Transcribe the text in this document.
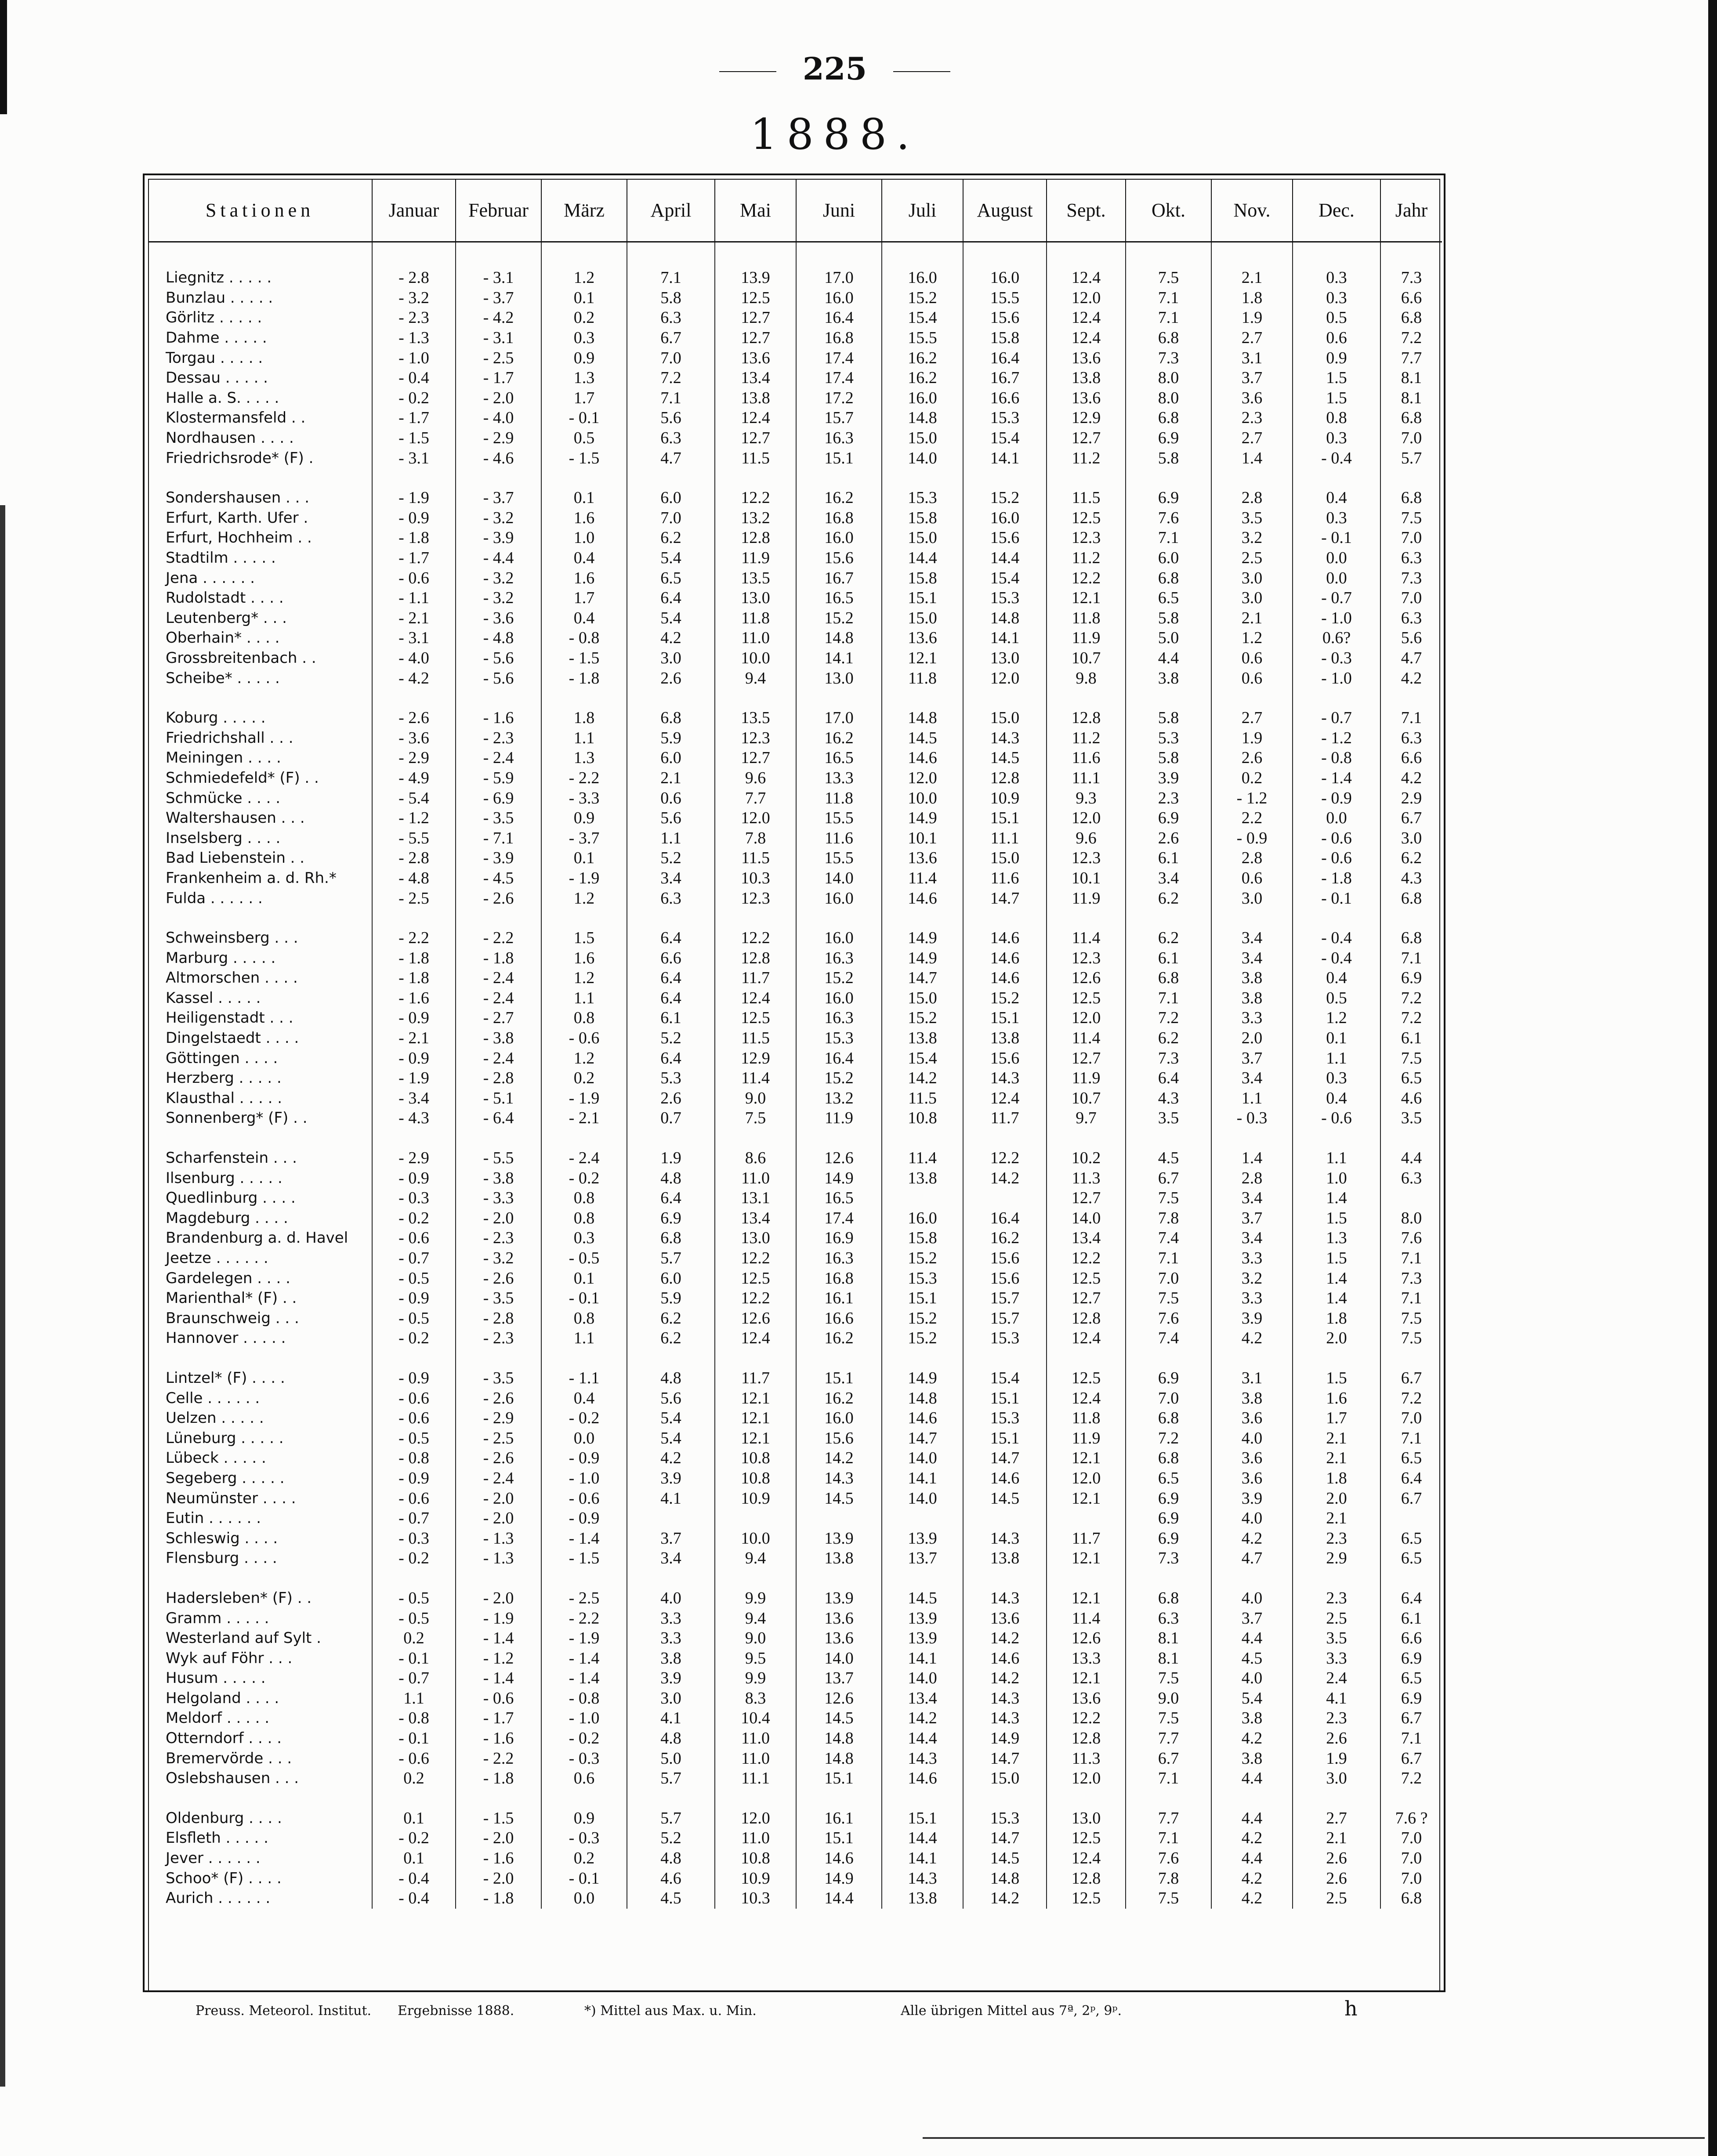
225
1888.
Stationen	Januar	Februar	März	April	Mai	Juni	Juli	August	Sept.	Okt.	Nov.	Dec.	Jahr
Liegnitz . . . . .	- 2.8	- 3.1	1.2	7.1	13.9	17.0	16.0	16.0	12.4	7.5	2.1	0.3	7.3
Bunzlau . . . . .	- 3.2	- 3.7	0.1	5.8	12.5	16.0	15.2	15.5	12.0	7.1	1.8	0.3	6.6
Görlitz . . . . .	- 2.3	- 4.2	0.2	6.3	12.7	16.4	15.4	15.6	12.4	7.1	1.9	0.5	6.8
Dahme . . . . .	- 1.3	- 3.1	0.3	6.7	12.7	16.8	15.5	15.8	12.4	6.8	2.7	0.6	7.2
Torgau . . . . .	- 1.0	- 2.5	0.9	7.0	13.6	17.4	16.2	16.4	13.6	7.3	3.1	0.9	7.7
Dessau . . . . .	- 0.4	- 1.7	1.3	7.2	13.4	17.4	16.2	16.7	13.8	8.0	3.7	1.5	8.1
Halle a. S. . . . .	- 0.2	- 2.0	1.7	7.1	13.8	17.2	16.0	16.6	13.6	8.0	3.6	1.5	8.1
Klostermansfeld . .	- 1.7	- 4.0	- 0.1	5.6	12.4	15.7	14.8	15.3	12.9	6.8	2.3	0.8	6.8
Nordhausen . . . .	- 1.5	- 2.9	0.5	6.3	12.7	16.3	15.0	15.4	12.7	6.9	2.7	0.3	7.0
Friedrichsrode* (F) .	- 3.1	- 4.6	- 1.5	4.7	11.5	15.1	14.0	14.1	11.2	5.8	1.4	- 0.4	5.7

Sondershausen . . .	- 1.9	- 3.7	0.1	6.0	12.2	16.2	15.3	15.2	11.5	6.9	2.8	0.4	6.8
Erfurt, Karth. Ufer .	- 0.9	- 3.2	1.6	7.0	13.2	16.8	15.8	16.0	12.5	7.6	3.5	0.3	7.5
Erfurt, Hochheim . .	- 1.8	- 3.9	1.0	6.2	12.8	16.0	15.0	15.6	12.3	7.1	3.2	- 0.1	7.0
Stadtilm . . . . .	- 1.7	- 4.4	0.4	5.4	11.9	15.6	14.4	14.4	11.2	6.0	2.5	0.0	6.3
Jena . . . . . .	- 0.6	- 3.2	1.6	6.5	13.5	16.7	15.8	15.4	12.2	6.8	3.0	0.0	7.3
Rudolstadt . . . .	- 1.1	- 3.2	1.7	6.4	13.0	16.5	15.1	15.3	12.1	6.5	3.0	- 0.7	7.0
Leutenberg* . . .	- 2.1	- 3.6	0.4	5.4	11.8	15.2	15.0	14.8	11.8	5.8	2.1	- 1.0	6.3
Oberhain* . . . .	- 3.1	- 4.8	- 0.8	4.2	11.0	14.8	13.6	14.1	11.9	5.0	1.2	0.6?	5.6
Grossbreitenbach . .	- 4.0	- 5.6	- 1.5	3.0	10.0	14.1	12.1	13.0	10.7	4.4	0.6	- 0.3	4.7
Scheibe* . . . . .	- 4.2	- 5.6	- 1.8	2.6	9.4	13.0	11.8	12.0	9.8	3.8	0.6	- 1.0	4.2

Koburg . . . . .	- 2.6	- 1.6	1.8	6.8	13.5	17.0	14.8	15.0	12.8	5.8	2.7	- 0.7	7.1
Friedrichshall . . .	- 3.6	- 2.3	1.1	5.9	12.3	16.2	14.5	14.3	11.2	5.3	1.9	- 1.2	6.3
Meiningen . . . .	- 2.9	- 2.4	1.3	6.0	12.7	16.5	14.6	14.5	11.6	5.8	2.6	- 0.8	6.6
Schmiedefeld* (F) . .	- 4.9	- 5.9	- 2.2	2.1	9.6	13.3	12.0	12.8	11.1	3.9	0.2	- 1.4	4.2
Schmücke . . . .	- 5.4	- 6.9	- 3.3	0.6	7.7	11.8	10.0	10.9	9.3	2.3	- 1.2	- 0.9	2.9
Waltershausen . . .	- 1.2	- 3.5	0.9	5.6	12.0	15.5	14.9	15.1	12.0	6.9	2.2	0.0	6.7
Inselsberg . . . .	- 5.5	- 7.1	- 3.7	1.1	7.8	11.6	10.1	11.1	9.6	2.6	- 0.9	- 0.6	3.0
Bad Liebenstein . .	- 2.8	- 3.9	0.1	5.2	11.5	15.5	13.6	15.0	12.3	6.1	2.8	- 0.6	6.2
Frankenheim a. d. Rh.*	- 4.8	- 4.5	- 1.9	3.4	10.3	14.0	11.4	11.6	10.1	3.4	0.6	- 1.8	4.3
Fulda . . . . . .	- 2.5	- 2.6	1.2	6.3	12.3	16.0	14.6	14.7	11.9	6.2	3.0	- 0.1	6.8

Schweinsberg . . .	- 2.2	- 2.2	1.5	6.4	12.2	16.0	14.9	14.6	11.4	6.2	3.4	- 0.4	6.8
Marburg . . . . .	- 1.8	- 1.8	1.6	6.6	12.8	16.3	14.9	14.6	12.3	6.1	3.4	- 0.4	7.1
Altmorschen . . . .	- 1.8	- 2.4	1.2	6.4	11.7	15.2	14.7	14.6	12.6	6.8	3.8	0.4	6.9
Kassel . . . . .	- 1.6	- 2.4	1.1	6.4	12.4	16.0	15.0	15.2	12.5	7.1	3.8	0.5	7.2
Heiligenstadt . . .	- 0.9	- 2.7	0.8	6.1	12.5	16.3	15.2	15.1	12.0	7.2	3.3	1.2	7.2
Dingelstaedt . . . .	- 2.1	- 3.8	- 0.6	5.2	11.5	15.3	13.8	13.8	11.4	6.2	2.0	0.1	6.1
Göttingen . . . .	- 0.9	- 2.4	1.2	6.4	12.9	16.4	15.4	15.6	12.7	7.3	3.7	1.1	7.5
Herzberg . . . . .	- 1.9	- 2.8	0.2	5.3	11.4	15.2	14.2	14.3	11.9	6.4	3.4	0.3	6.5
Klausthal . . . . .	- 3.4	- 5.1	- 1.9	2.6	9.0	13.2	11.5	12.4	10.7	4.3	1.1	0.4	4.6
Sonnenberg* (F) . .	- 4.3	- 6.4	- 2.1	0.7	7.5	11.9	10.8	11.7	9.7	3.5	- 0.3	- 0.6	3.5

Scharfenstein . . .	- 2.9	- 5.5	- 2.4	1.9	8.6	12.6	11.4	12.2	10.2	4.5	1.4	1.1	4.4
Ilsenburg . . . . .	- 0.9	- 3.8	- 0.2	4.8	11.0	14.9	13.8	14.2	11.3	6.7	2.8	1.0	6.3
Quedlinburg . . . .	- 0.3	- 3.3	0.8	6.4	13.1	16.5			12.7	7.5	3.4	1.4	
Magdeburg . . . .	- 0.2	- 2.0	0.8	6.9	13.4	17.4	16.0	16.4	14.0	7.8	3.7	1.5	8.0
Brandenburg a. d. Havel	- 0.6	- 2.3	0.3	6.8	13.0	16.9	15.8	16.2	13.4	7.4	3.4	1.3	7.6
Jeetze . . . . . .	- 0.7	- 3.2	- 0.5	5.7	12.2	16.3	15.2	15.6	12.2	7.1	3.3	1.5	7.1
Gardelegen . . . .	- 0.5	- 2.6	0.1	6.0	12.5	16.8	15.3	15.6	12.5	7.0	3.2	1.4	7.3
Marienthal* (F) . .	- 0.9	- 3.5	- 0.1	5.9	12.2	16.1	15.1	15.7	12.7	7.5	3.3	1.4	7.1
Braunschweig . . .	- 0.5	- 2.8	0.8	6.2	12.6	16.6	15.2	15.7	12.8	7.6	3.9	1.8	7.5
Hannover . . . . .	- 0.2	- 2.3	1.1	6.2	12.4	16.2	15.2	15.3	12.4	7.4	4.2	2.0	7.5

Lintzel* (F) . . . .	- 0.9	- 3.5	- 1.1	4.8	11.7	15.1	14.9	15.4	12.5	6.9	3.1	1.5	6.7
Celle . . . . . .	- 0.6	- 2.6	0.4	5.6	12.1	16.2	14.8	15.1	12.4	7.0	3.8	1.6	7.2
Uelzen . . . . .	- 0.6	- 2.9	- 0.2	5.4	12.1	16.0	14.6	15.3	11.8	6.8	3.6	1.7	7.0
Lüneburg . . . . .	- 0.5	- 2.5	0.0	5.4	12.1	15.6	14.7	15.1	11.9	7.2	4.0	2.1	7.1
Lübeck . . . . .	- 0.8	- 2.6	- 0.9	4.2	10.8	14.2	14.0	14.7	12.1	6.8	3.6	2.1	6.5
Segeberg . . . . .	- 0.9	- 2.4	- 1.0	3.9	10.8	14.3	14.1	14.6	12.0	6.5	3.6	1.8	6.4
Neumünster . . . .	- 0.6	- 2.0	- 0.6	4.1	10.9	14.5	14.0	14.5	12.1	6.9	3.9	2.0	6.7
Eutin . . . . . .	- 0.7	- 2.0	- 0.9							6.9	4.0	2.1	
Schleswig . . . .	- 0.3	- 1.3	- 1.4	3.7	10.0	13.9	13.9	14.3	11.7	6.9	4.2	2.3	6.5
Flensburg . . . .	- 0.2	- 1.3	- 1.5	3.4	9.4	13.8	13.7	13.8	12.1	7.3	4.7	2.9	6.5

Hadersleben* (F) . .	- 0.5	- 2.0	- 2.5	4.0	9.9	13.9	14.5	14.3	12.1	6.8	4.0	2.3	6.4
Gramm . . . . .	- 0.5	- 1.9	- 2.2	3.3	9.4	13.6	13.9	13.6	11.4	6.3	3.7	2.5	6.1
Westerland auf Sylt .	0.2	- 1.4	- 1.9	3.3	9.0	13.6	13.9	14.2	12.6	8.1	4.4	3.5	6.6
Wyk auf Föhr . . .	- 0.1	- 1.2	- 1.4	3.8	9.5	14.0	14.1	14.6	13.3	8.1	4.5	3.3	6.9
Husum . . . . .	- 0.7	- 1.4	- 1.4	3.9	9.9	13.7	14.0	14.2	12.1	7.5	4.0	2.4	6.5
Helgoland . . . .	1.1	- 0.6	- 0.8	3.0	8.3	12.6	13.4	14.3	13.6	9.0	5.4	4.1	6.9
Meldorf . . . . .	- 0.8	- 1.7	- 1.0	4.1	10.4	14.5	14.2	14.3	12.2	7.5	3.8	2.3	6.7
Otterndorf . . . .	- 0.1	- 1.6	- 0.2	4.8	11.0	14.8	14.4	14.9	12.8	7.7	4.2	2.6	7.1
Bremervörde . . .	- 0.6	- 2.2	- 0.3	5.0	11.0	14.8	14.3	14.7	11.3	6.7	3.8	1.9	6.7
Oslebshausen . . .	0.2	- 1.8	0.6	5.7	11.1	15.1	14.6	15.0	12.0	7.1	4.4	3.0	7.2

Oldenburg . . . .	0.1	- 1.5	0.9	5.7	12.0	16.1	15.1	15.3	13.0	7.7	4.4	2.7	7.6 ?
Elsfleth . . . . .	- 0.2	- 2.0	- 0.3	5.2	11.0	15.1	14.4	14.7	12.5	7.1	4.2	2.1	7.0
Jever . . . . . .	0.1	- 1.6	0.2	4.8	10.8	14.6	14.1	14.5	12.4	7.6	4.4	2.6	7.0
Schoo* (F) . . . .	- 0.4	- 2.0	- 0.1	4.6	10.9	14.9	14.3	14.8	12.8	7.8	4.2	2.6	7.0
Aurich . . . . . .	- 0.4	- 1.8	0.0	4.5	10.3	14.4	13.8	14.2	12.5	7.5	4.2	2.5	6.8
Preuss. Meteorol. Institut. Ergebnisse 1888.	*) Mittel aus Max. u. Min.	Alle übrigen Mittel aus 7ª, 2ᵖ, 9ᵖ.	h
